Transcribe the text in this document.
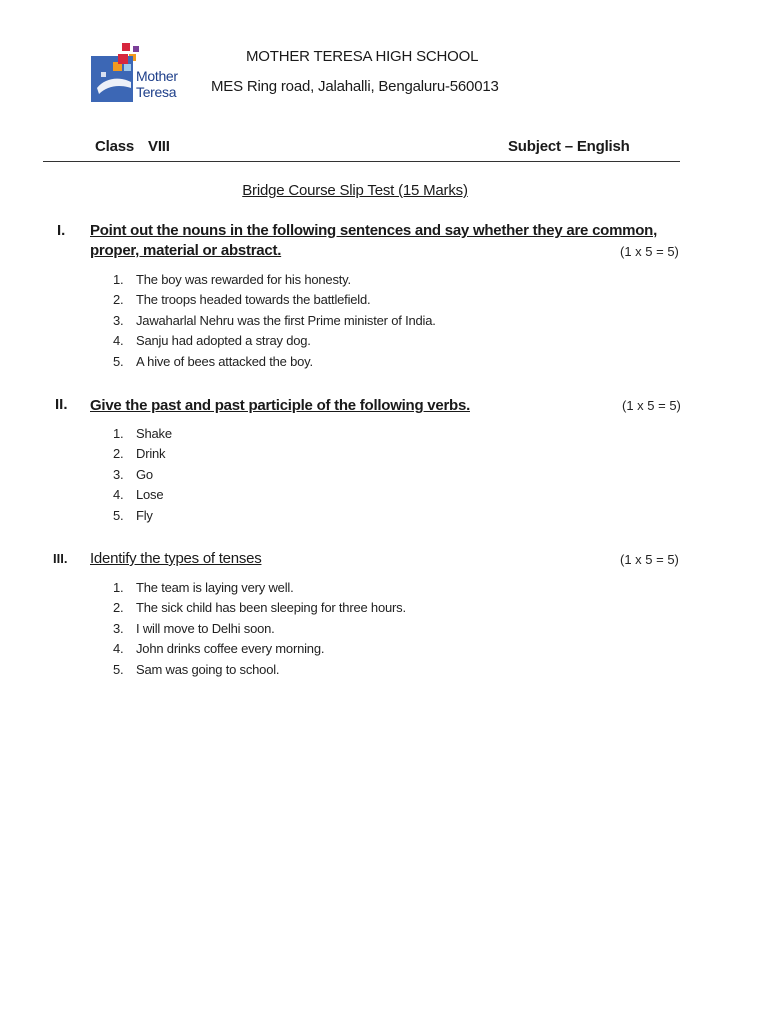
Mother
Teresa
MOTHER TERESA HIGH SCHOOL
MES Ring road, Jalahalli, Bengaluru-560013
Class VIII	Subject – English
Bridge Course Slip Test (15 Marks)
I. Point out the nouns in the following sentences and say whether they are common,
proper, material or abstract.	(1 x 5 = 5)
1. The boy was rewarded for his honesty.
2. The troops headed towards the battlefield.
3. Jawaharlal Nehru was the first Prime minister of India.
4. Sanju had adopted a stray dog.
5. A hive of bees attacked the boy.
II. Give the past and past participle of the following verbs.	(1 x 5 = 5)
1. Shake
2. Drink
3. Go
4. Lose
5. Fly
III. Identify the types of tenses	(1 x 5 = 5)
1. The team is laying very well.
2. The sick child has been sleeping for three hours.
3. I will move to Delhi soon.
4. John drinks coffee every morning.
5. Sam was going to school.
